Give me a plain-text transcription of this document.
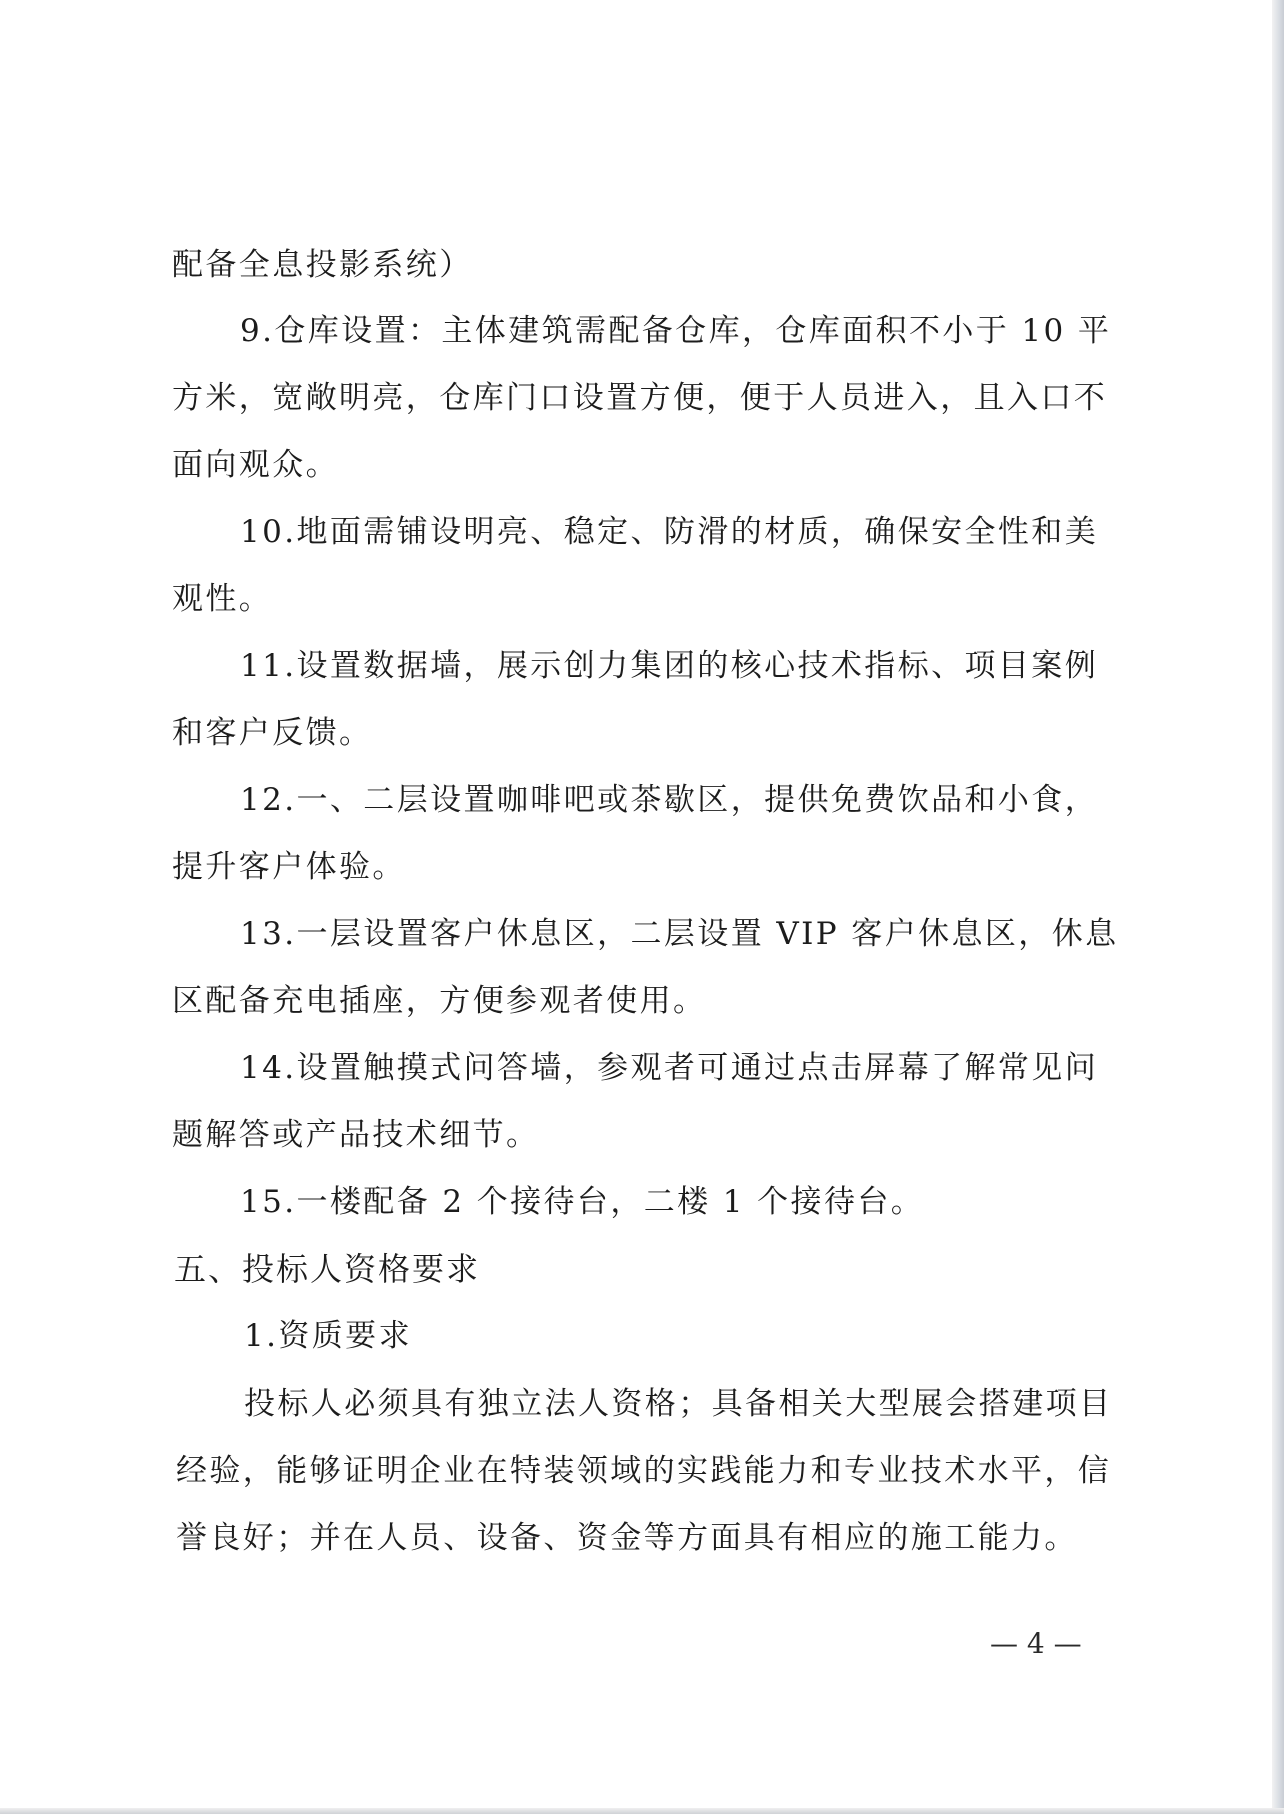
配备全息投影系统）
9.仓库设置：主体建筑需配备仓库，仓库面积不小于 10 平
方米，宽敞明亮，仓库门口设置方便，便于人员进入，且入口不
面向观众。
10.地面需铺设明亮、稳定、防滑的材质，确保安全性和美
观性。
11.设置数据墙，展示创力集团的核心技术指标、项目案例
和客户反馈。
12.一、二层设置咖啡吧或茶歇区，提供免费饮品和小食，
提升客户体验。
13.一层设置客户休息区，二层设置 VIP 客户休息区，休息
区配备充电插座，方便参观者使用。
14.设置触摸式问答墙，参观者可通过点击屏幕了解常见问
题解答或产品技术细节。
15.一楼配备 2 个接待台，二楼 1 个接待台。
五、投标人资格要求
1.资质要求
投标人必须具有独立法人资格；具备相关大型展会搭建项目
经验，能够证明企业在特装领域的实践能力和专业技术水平，信
誉良好；并在人员、设备、资金等方面具有相应的施工能力。
— 4 —
